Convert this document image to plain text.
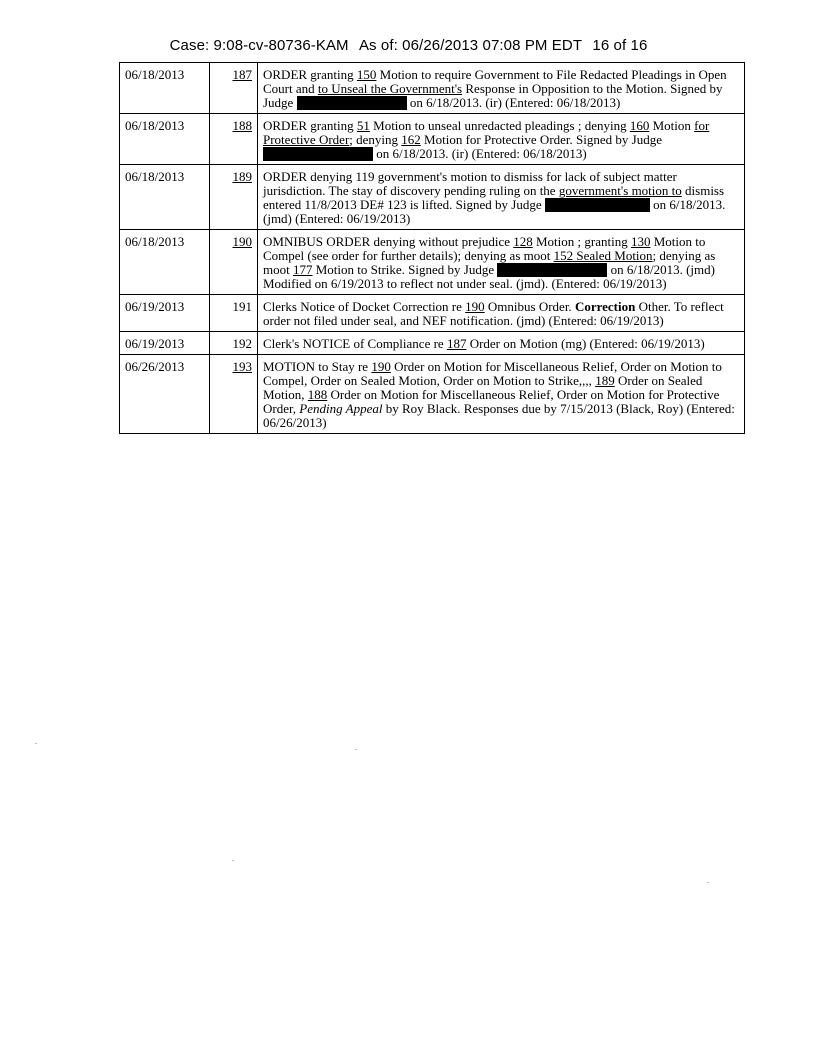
Case: 9:08-cv-80736-KAM As of: 06/26/2013 07:08 PM EDT 16 of 16
06/18/2013	187	ORDER granting 150 Motion to require Government to File Redacted Pleadings in Open Court and to Unseal the Government's Response in Opposition to the Motion. Signed by Judge on 6/18/2013. (ir) (Entered: 06/18/2013)
06/18/2013	188	ORDER granting 51 Motion to unseal unredacted pleadings ; denying 160 Motion for Protective Order; denying 162 Motion for Protective Order. Signed by Judge  on 6/18/2013. (ir) (Entered: 06/18/2013)
06/18/2013	189	ORDER denying 119 government's motion to dismiss for lack of subject matter jurisdiction. The stay of discovery pending ruling on the government's motion to dismiss entered 11/8/2013 DE# 123 is lifted. Signed by Judge on 6/18/2013. (jmd) (Entered: 06/19/2013)
06/18/2013	190	OMNIBUS ORDER denying without prejudice 128 Motion ; granting 130 Motion to Compel (see order for further details); denying as moot 152 Sealed Motion; denying as moot 177 Motion to Strike. Signed by Judge on 6/18/2013. (jmd) Modified on 6/19/2013 to reflect not under seal. (jmd). (Entered: 06/19/2013)
06/19/2013	191	Clerks Notice of Docket Correction re 190 Omnibus Order. Correction Other. To reflect order not filed under seal, and NEF notification. (jmd) (Entered: 06/19/2013)
06/19/2013	192	Clerk's NOTICE of Compliance re 187 Order on Motion (mg) (Entered: 06/19/2013)
06/26/2013	193	MOTION to Stay re 190 Order on Motion for Miscellaneous Relief, Order on Motion to Compel, Order on Sealed Motion, Order on Motion to Strike,,,, 189 Order on Sealed Motion, 188 Order on Motion for Miscellaneous Relief, Order on Motion for Protective Order, Pending Appeal by Roy Black. Responses due by 7/15/2013 (Black, Roy) (Entered: 06/26/2013)
